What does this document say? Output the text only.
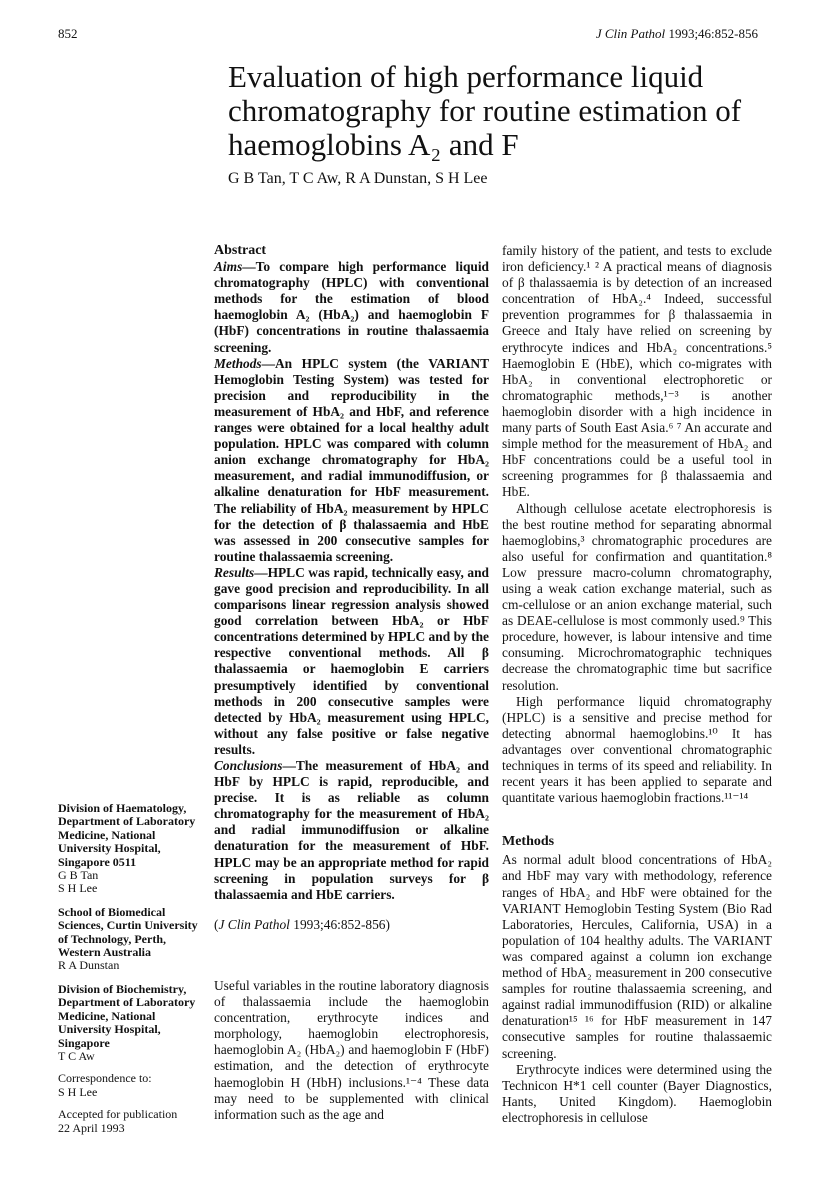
852	J Clin Pathol 1993;46:852-856
Evaluation of high performance liquid chromatography for routine estimation of haemoglobins A₂ and F
G B Tan, T C Aw, R A Dunstan, S H Lee
Abstract

Aims—To compare high performance liquid chromatography (HPLC) with conventional methods for the estimation of blood haemoglobin A₂ (HbA₂) and haemoglobin F (HbF) concentrations in routine thalassaemia screening.

Methods—An HPLC system (the VARIANT Hemoglobin Testing System) was tested for precision and reproducibility in the measurement of HbA₂ and HbF, and reference ranges were obtained for a local healthy adult population. HPLC was compared with column anion exchange chromatography for HbA₂ measurement, and radial immunodiffusion, or alkaline denaturation for HbF measurement. The reliability of HbA₂ measurement by HPLC for the detection of β thalassaemia and HbE was assessed in 200 consecutive samples for routine thalassaemia screening.

Results—HPLC was rapid, technically easy, and gave good precision and reproducibility. In all comparisons linear regression analysis showed good correlation between HbA₂ or HbF concentrations determined by HPLC and by the respective conventional methods. All β thalassaemia or haemoglobin E carriers presumptively identified by conventional methods in 200 consecutive samples were detected by HbA₂ measurement using HPLC, without any false positive or false negative results.

Conclusions—The measurement of HbA₂ and HbF by HPLC is rapid, reproducible, and precise. It is as reliable as column chromatography for the measurement of HbA₂ and radial immunodiffusion or alkaline denaturation for the measurement of HbF. HPLC may be an appropriate method for rapid screening in population surveys for β thalassaemia and HbE carriers.

(J Clin Pathol 1993;46:852-856)

Useful variables in the routine laboratory diagnosis of thalassaemia include the haemoglobin concentration, erythrocyte indices and morphology, haemoglobin electrophoresis, haemoglobin A₂ (HbA₂) and haemoglobin F (HbF) estimation, and the detection of erythrocyte haemoglobin H (HbH) inclusions.¹⁻⁴ These data may need to be supplemented with clinical information such as the age and

family history of the patient, and tests to exclude iron deficiency.¹ ² A practical means of diagnosis of β thalassaemia is by detection of an increased concentration of HbA₂.⁴ Indeed, successful prevention programmes for β thalassaemia in Greece and Italy have relied on screening by erythrocyte indices and HbA₂ concentrations.⁵ Haemoglobin E (HbE), which co-migrates with HbA₂ in conventional electrophoretic or chromatographic methods,¹⁻³ is another haemoglobin disorder with a high incidence in many parts of South East Asia.⁶ ⁷ An accurate and simple method for the measurement of HbA₂ and HbF concentrations could be a useful tool in screening programmes for β thalassaemia and HbE.

Although cellulose acetate electrophoresis is the best routine method for separating abnormal haemoglobins,³ chromatographic procedures are also useful for confirmation and quantitation.⁸ Low pressure macro-column chromatography, using a weak cation exchange material, such as cm-cellulose or an anion exchange material, such as DEAE-cellulose is most commonly used.⁹ This procedure, however, is labour intensive and time consuming. Microchromatographic techniques decrease the chromatographic time but sacrifice resolution.

High performance liquid chromatography (HPLC) is a sensitive and precise method for detecting abnormal haemoglobins.¹⁰ It has advantages over conventional chromatographic techniques in terms of its speed and reliability. In recent years it has been applied to separate and quantitate various haemoglobin fractions.¹¹⁻¹⁴

Methods

As normal adult blood concentrations of HbA₂ and HbF may vary with methodology, reference ranges of HbA₂ and HbF were obtained for the VARIANT Hemoglobin Testing System (Bio Rad Laboratories, Hercules, California, USA) in a population of 104 healthy adults. The VARIANT was compared against a column ion exchange method of HbA₂ measurement in 200 consecutive samples for routine thalassaemia screening, and against radial immunodiffusion (RID) or alkaline denaturation¹⁵ ¹⁶ for HbF measurement in 147 consecutive samples for routine thalassaemic screening.

Erythrocyte indices were determined using the Technicon H*1 cell counter (Bayer Diagnostics, Hants, United Kingdom). Haemoglobin electrophoresis in cellulose

Division of Haematology, Department of Laboratory Medicine, National University Hospital, Singapore 0511
G B Tan
S H Lee
School of Biomedical Sciences, Curtin University of Technology, Perth, Western Australia
R A Dunstan
Division of Biochemistry, Department of Laboratory Medicine, National University Hospital, Singapore
T C Aw
Correspondence to:
S H Lee
Accepted for publication
22 April 1993
